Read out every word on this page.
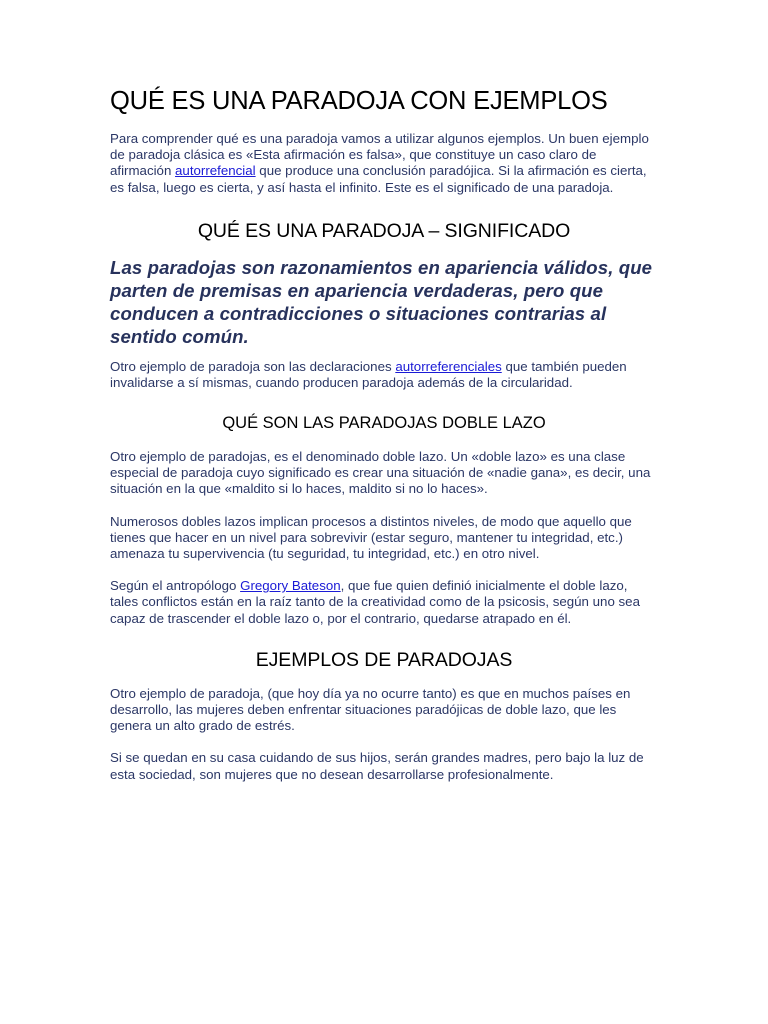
QUÉ ES UNA PARADOJA CON EJEMPLOS

Para comprender qué es una paradoja vamos a utilizar algunos ejemplos. Un buen ejemplo de paradoja clásica es «Esta afirmación es falsa», que constituye un caso claro de afirmación autorrefencial que produce una conclusión paradójica. Si la afirmación es cierta, es falsa, luego es cierta, y así hasta el infinito. Este es el significado de una paradoja.

QUÉ ES UNA PARADOJA – SIGNIFICADO

Las paradojas son razonamientos en apariencia válidos, que parten de premisas en apariencia verdaderas, pero que conducen a contradicciones o situaciones contrarias al sentido común.

Otro ejemplo de paradoja son las declaraciones autorreferenciales que también pueden invalidarse a sí mismas, cuando producen paradoja además de la circularidad.

QUÉ SON LAS PARADOJAS DOBLE LAZO

Otro ejemplo de paradojas, es el denominado doble lazo. Un «doble lazo» es una clase especial de paradoja cuyo significado es crear una situación de «nadie gana», es decir, una situación en la que «maldito si lo haces, maldito si no lo haces».

Numerosos dobles lazos implican procesos a distintos niveles, de modo que aquello que tienes que hacer en un nivel para sobrevivir (estar seguro, mantener tu integridad, etc.) amenaza tu supervivencia (tu seguridad, tu integridad, etc.) en otro nivel.

Según el antropólogo Gregory Bateson, que fue quien definió inicialmente el doble lazo, tales conflictos están en la raíz tanto de la creatividad como de la psicosis, según uno sea capaz de trascender el doble lazo o, por el contrario, quedarse atrapado en él.

EJEMPLOS DE PARADOJAS

Otro ejemplo de paradoja, (que hoy día ya no ocurre tanto) es que en muchos países en desarrollo, las mujeres deben enfrentar situaciones paradójicas de doble lazo, que les genera un alto grado de estrés.

Si se quedan en su casa cuidando de sus hijos, serán grandes madres, pero bajo la luz de esta sociedad, son mujeres que no desean desarrollarse profesionalmente.
